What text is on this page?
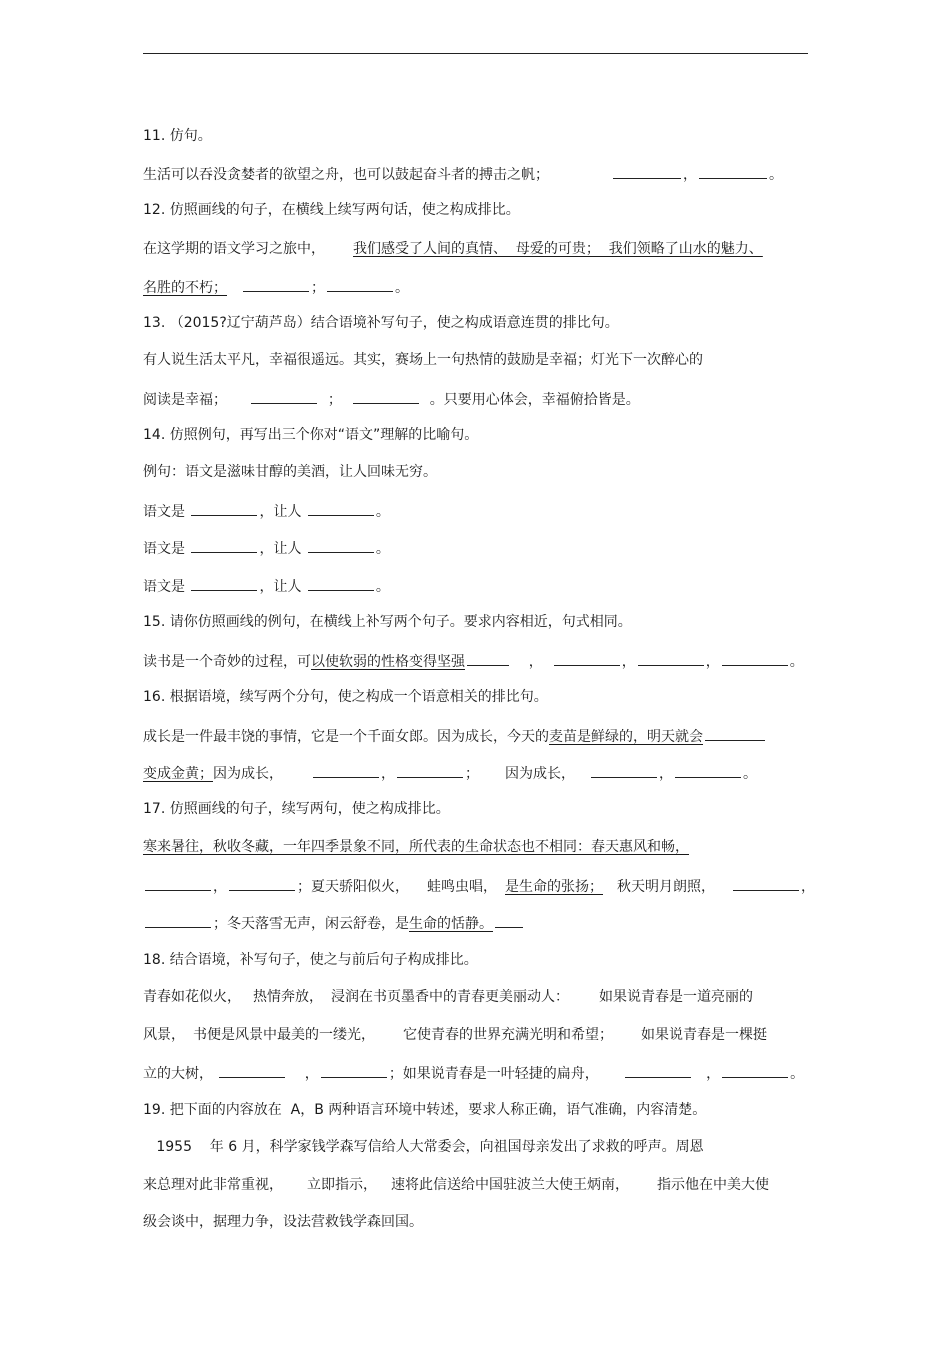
11. 仿句。
生活可以吞没贪婪者的欲望之舟，也可以鼓起奋斗者的搏击之帆；	，	。
12. 仿照画线的句子，在横线上续写两句话，使之构成排比。
在这学期的语文学习之旅中， 我们感受了人间的真情、  母爱的可贵；  我们领略了山水的魅力、
名胜的不朽；	；	。
13. （2015?辽宁葫芦岛）结合语境补写句子，使之构成语意连贯的排比句。
有人说生活太平凡，幸福很遥远。其实，赛场上一句热情的鼓励是幸福；灯光下一次醉心的
阅读是幸福；	；	。只要用心体会，幸福俯拾皆是。
14. 仿照例句，再写出三个你对“语文”理解的比喻句。
例句：语文是滋味甘醇的美酒，让人回味无穷。
语文是	，让人	。
语文是	，让人	。
语文是	，让人	。
15. 请你仿照画线的例句，在横线上补写两个句子。要求内容相近，句式相同。
读书是一个奇妙的过程，可以使软弱的性格变得坚强	，	，	，	。
16. 根据语境，续写两个分句，使之构成一个语意相关的排比句。
成长是一件最丰饶的事情，它是一个千面女郎。因为成长，今天的麦苗是鲜绿的，明天就会
变成金黄；因为成长，	，	； 因为成长，	，	。
17. 仿照画线的句子，续写两句，使之构成排比。
寒来暑往，秋收冬藏，一年四季景象不同，所代表的生命状态也不相同：春天惠风和畅，
，	；夏天骄阳似火， 蛙鸣虫唱， 是生命的张扬； 秋天明月朗照，	，
；冬天落雪无声，闲云舒卷，是生命的恬静。
18. 结合语境，补写句子，使之与前后句子构成排比。
青春如花似火， 热情奔放， 浸润在书页墨香中的青春更美丽动人： 如果说青春是一道亮丽的
风景， 书便是风景中最美的一缕光， 它使青春的世界充满光明和希望； 如果说青春是一棵挺
立的大树，	，	；如果说青春是一叶轻捷的扁舟，	，	。
19. 把下面的内容放在  A，B 两种语言环境中转述，要求人称正确，语气准确，内容清楚。
1955    年 6 月，科学家钱学森写信给人大常委会，向祖国母亲发出了求救的呼声。周恩
来总理对此非常重视， 立即指示， 速将此信送给中国驻波兰大使王炳南， 指示他在中美大使
级会谈中，据理力争，设法营救钱学森回国。
